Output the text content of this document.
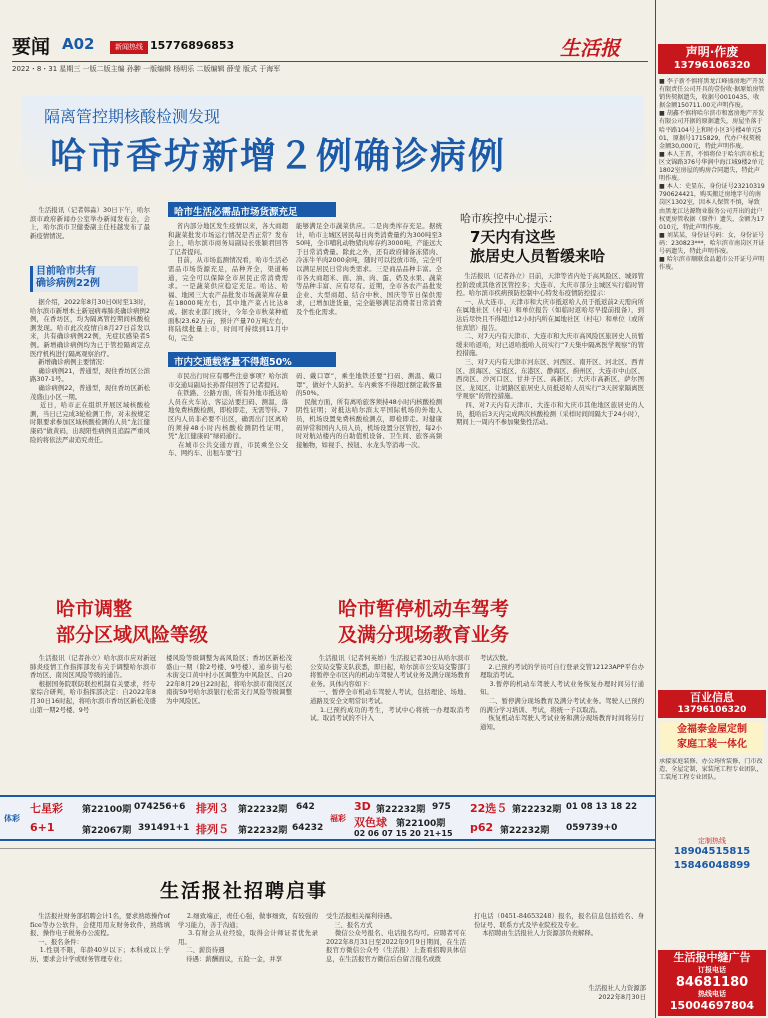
要闻 A02	新闻热线 15776896853	生活报
2022・8・31 星期三 一版二版主编 孙翀 一版编辑 杨明乐 二版编辑 薛莹 版式 于海军
隔离管控期核酸检测发现
哈市香坊新增２例确诊病例
生活报讯（记者韩淼）30日下午，哈尔滨市政府新闻办公室举办新闻发布会，会上，哈尔滨市卫健委副主任桂越发布了最新疫情情况。
目前哈市共有
确诊病例22例
据介绍，2022年8月30日0时至13时，哈尔滨市新增本土新冠病毒肺炎确诊病例2例，在香坊区，均为隔离管控期间核酸检测发现。哈市此次疫情自8月27日首发以来，共有确诊病例22例，无症状感染者5例。新增确诊病例均为已于管控隔离定点医疗机构进行隔离观察治疗。
新增确诊病例主要情况：
确诊病例21，普通型，现住香坊区公滨路307-1号。
确诊病例22，普通型，现住香坊区新松茂盛山小区一期。
近日，哈市正在组织开展区域核酸检测，当日已完成3轮检测工作，对未按规定时限要求参加区域核酸检测的人员“龙江健康码”做黄码，出现阳性病例且追踪严重风险的将依法严肃追究责任。
哈市生活必需品市场货源充足
省内部分地区发生疫情以来，各大商超和蔬菜批发市场运行情况是否正常？发布会上，哈尔滨市商务局副局长张颖君回答了记者提问。
目前，从市场监测情况看，哈市生活必需品市场货源充足，品种齐全，渠道畅通，完全可以保障全市居民正常消费需求。一是蔬菜供应稳定充足。哈达、哈福、地园三大农产品批发市场蔬菜库存量在18000吨左右，其中地产菜占比达8成。据农业部门统计，今年全市秋菜种植面积23.62万亩，预计产量70万吨左右，将陆续批量上市，时间可持续到11月中旬，完全
能够满足全市蔬菜供应。二是肉类库存充足。据统计，哈市主城区居民每日肉类消费量约为300吨至350吨，全市哺乳动物猪肉库存约3000吨，产能远大于日常消费量。除此之外，还有政府储备冻猪肉、冷冻牛羊肉2000余吨，随时可以投放市场，完全可以满足居民日常肉类需求。三是商品品种丰富。全市各大商超米、面、油、肉、蛋、奶及水果、蔬菜等品种丰富、应有尽有。近期，全市各农产品批发企业、大型商超、结合中秋、国庆等节日保供需求，已增加进货量，完全能够满足消费者日常消费及个性化需求。
市内交通载客量不得超50%
市民出行时应有哪些注意事项？哈尔滨市交通局副局长孙晋伟回答了记者提问。
在铁路、公路方面，所有外地市抵达哈人员在火车站、客运站要扫码、测温，落地免费核酸检测，即检即走，无需等待。7区内人员非必要不出区，确需出门区离哈的须持48小时内核酸检测阴性证明，凭“龙江健康码”绿码通行。
在城市公共交通方面，市民乘坐公交车、网约车、出租车要“扫
码、戴口罩”，乘坐地铁还要“扫码、测温、戴口罩”，做好个人防护。车内乘客不得超过额定载客量的50%。
民航方面，所有离哈旅客须持48小时内核酸检测阴性证明；对抵达哈尔滨太平国际机场的外地人员，机场设置免费核酸检测点，即检即走。对健康码异常和国内人员人员，机场设置分区管控，每2小时对航站楼内的自助值机设备、卫生间、旅客高频接触物，如视手、按钮、水龙头等消毒一次。
哈市疾控中心提示：
7天内有这些
旅居史人员暂缓来哈
生活报讯（记者孙立）目前，天津等省内处于高风险区、城郊管控阶段或其他省区管控多；大连市、大庆市部分主城区实行临时管控。哈尔滨市疾病预防控制中心特发布疫情防控提示：
一、从大连市、天津市和大庆市抵返哈人员于抵返前2天需向所在属地社区（村屯）和单位报告（如临时返哈尽早提前报备），到达后尽快且不得超过12小时内所在属地社区（村屯）和单位（或所住宾馆）报告。
二、对7天内有天津市、大连市和大庆市高风险区旅居史人员暂缓来哈返哈，对已返哈抵哈人员实行“7天集中隔离医学观察”的管控措施。
三、对7天内有天津市河东区、河西区、南开区、河北区、西青区、滨海区、宝坻区、东港区、静海区、蓟州区，大连市中山区、西岗区、沙河口区、甘井子区、高新区；大庆市高新区、萨尔图区、龙凤区、让胡路区旅居史人员抵返哈人员实行“3天居家隔离医学观察”的管控措施。
四、对7天内有天津市、大连市和大庆市其他地区旅居史的人员，抵哈后3天内完成两次核酸检测（采样时间间隔大于24小时），期间上一周内不参加聚集性活动。
哈市调整
部分区域风险等级
生活报讯（记者孙立）哈尔滨市应对新冠肺炎疫情工作指挥部发布关于调整哈尔滨市香坊区、南岗区风险等级的通告。
根据国务院联防联控机制有关要求，经专家综合研判，哈市指挥部决定：自2022年8月30日16时起，将哈尔滨市香坊区新松茂盛山第一期2号楼、9号
楼风险等级调整为高风险区；香坊区新松茂盛山一期（除2号楼、9号楼）、通乡街与松木街交口黄中村小区调整为中风险区、自2022年8月29日22时起，将哈尔滨市南岗区汉南街59号哈尔滨银行松雷支行风险等级调整为中风险区。
哈市暂停机动车驾考
及满分现场教育业务
生活报讯（记者何英娇）生活报记者30日从哈尔滨市公安局交警支队获悉，即日起，哈尔滨市公安局交警部门将暂停全市区内的机动车驾驶人考试业务及满分现场教育业务。具体内容如下：
一、暂停全市机动车驾驶人考试，包括理论、场地、道路及安全文明常识考试。
1.已预约成功的考生，考试中心将统一办理取消考试。取消考试的不计入
考试次数。
2.已预约考试的学员可自行登录交管12123APP平台办理取消考试。
3.暂停的机动车驾驶人考试业务恢复办理时间另行通知。
二、暂停满分现场教育及满分考试业务。驾驶人已预约的满分学习培训、考试，将统一予以取消。
恢复机动车驾驶人考试业务和满分现场教育时间将另行通知。
体彩
七星彩 第22100期 074256+6
6+1	第22067期 391491+1
排列３ 第22232期 642
排列５ 第22232期 64232
福彩
3D 第22232期 975
双色球 第22100期
02 06 07 15 20 21+15
22选５ 第22232期 01 08 13 18 22
p62 第22232期 059739+0
生活报社招聘启事
生活报社财务部招聘会计1名，要求熟练操作office等办公软件，会使用用友财务软件，熟练填报、操作电子税务办公流程。
一、报名条件：
1.性别不限，年龄40岁以下；本科或以上学历，要求会计学或财务管理专业；
2.细致端正，责任心强，做事细致，有较强的学习能力，善于沟通；
3.有财会从业经验，取得会计师证者优先录用。
二、薪资待遇
待遇：薪酬面议，五险一金，并享
受生活报相关福利待遇。
三、报名方式
微信公众号报名、电话报名均可。应聘者可在2022年8月31日至2022年9月9日期间，在生活报官方微信公众号（生活报）上查看招聘具体信息，在生活报官方微信后台留言报名或拨
打电话（0451-84653248）报名，报名信息包括姓名、身份证号、联系方式及毕业院校及专业。
本招聘由生活报社人力资源部负责解释。
生活报社人力资源部
2022年8月30日
声明·作废
13796106320
■ 李子新不慎将黑龙江峰盛房地产开发有限责任公司开具的壹份收·据原始房管销售契据遗失，收据号0010435，收据金额150711.00元声明作废。
■ 胡鑫不慎将哈尔滨市和富房地产开发有限公司开据的原据遗失，房屋坐落于哈平路104号上和时小区3号楼4单元501，原据号1715829，代办户权契税金额30,000元，特此声明作废。
■ 本人王晋，不慎将位于哈尔滨市松北区文锦路376号华润中海江城9楼2单元1802室房屋的购房合同遗失，特此声明作废。
■ 本人：史显东，身份证号23210319790624421，购买搬迁房地字号的南岗区1302室，因本人保管不慎，导致由黑龙江达源物业服务公司开出的此户权更房管收据（原件）遗失，金额为17010元，特此声明作废。
■ 刘某某，身份证号码：女，身份证号码：230823***，哈尔滨市南岗区开证号码遗失，特此声明作废。
■ 哈尔滨市顺联食品超市公开证号声明作废。
百业信息
13796106320
金福泰金屋定制
家庭工装一体化
承接家庭装修、办公场所装修、门市改造、全屋定制，家装尾工程专业团队，工装尾工程专业团队。
定制热线
18904515815
15846048899
生活报中缝广告
订报电话
84681180
热线电话
15004697804
